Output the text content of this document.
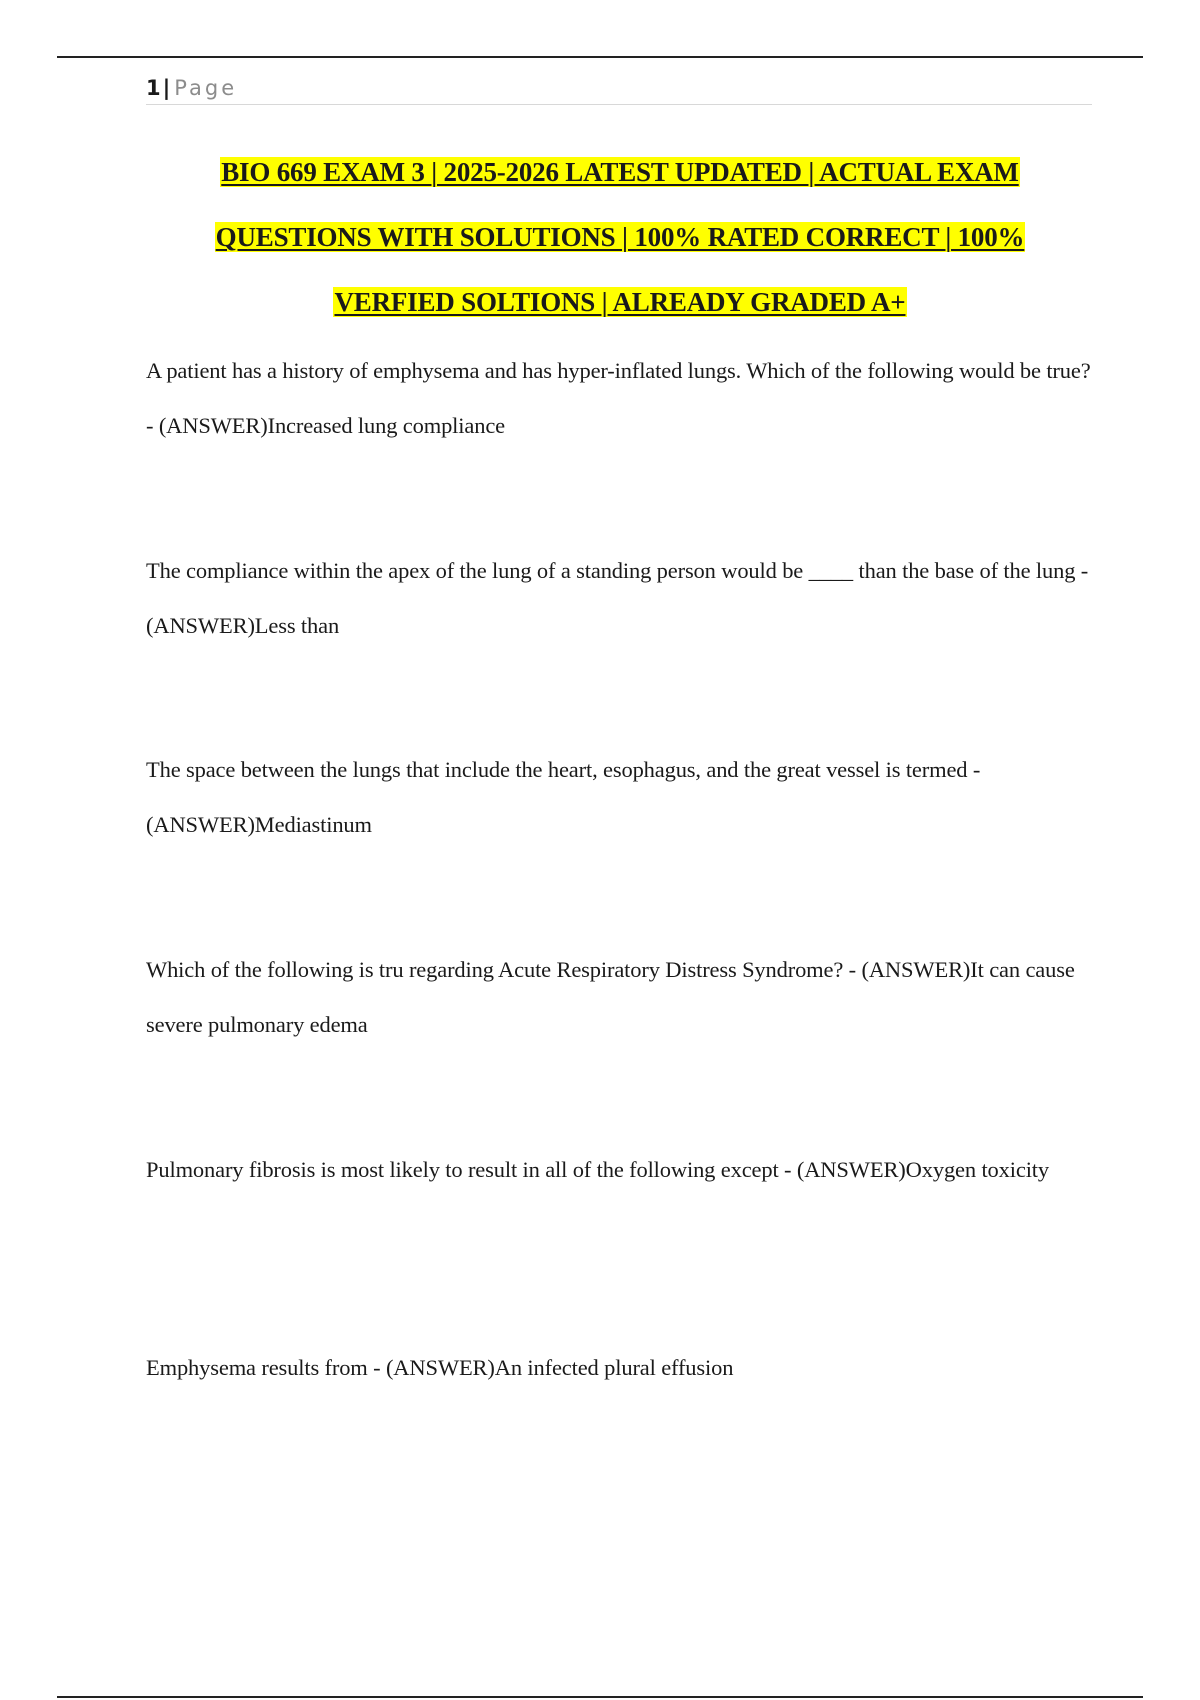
1| Page
BIO 669 EXAM 3 | 2025-2026 LATEST UPDATED | ACTUAL EXAM
QUESTIONS WITH SOLUTIONS | 100% RATED CORRECT | 100%
VERFIED SOLTIONS | ALREADY GRADED A+

A patient has a history of emphysema and has hyper-inflated lungs. Which of the following would be true? - (ANSWER)Increased lung compliance

The compliance within the apex of the lung of a standing person would be ____ than the base of the lung - (ANSWER)Less than

The space between the lungs that include the heart, esophagus, and the great vessel is termed - (ANSWER)Mediastinum

Which of the following is tru regarding Acute Respiratory Distress Syndrome? - (ANSWER)It can cause severe pulmonary edema

Pulmonary fibrosis is most likely to result in all of the following except - (ANSWER)Oxygen toxicity

Emphysema results from - (ANSWER)An infected plural effusion
